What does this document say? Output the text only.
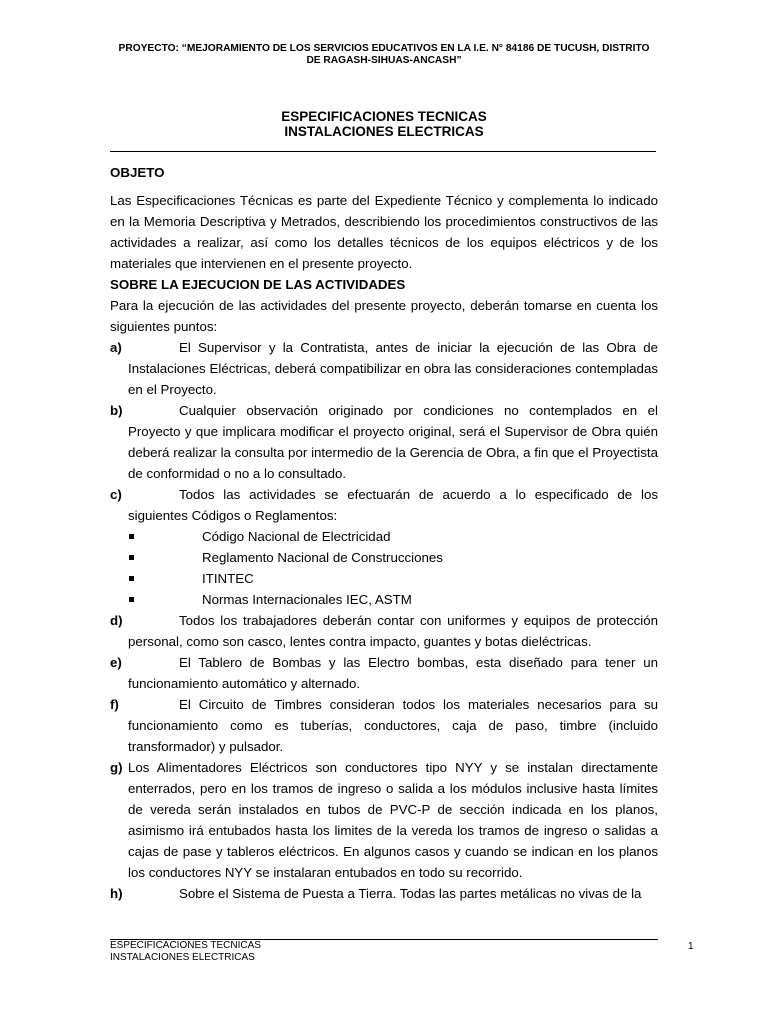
PROYECTO: “MEJORAMIENTO DE LOS SERVICIOS EDUCATIVOS EN LA I.E. N° 84186 DE TUCUSH, DISTRITO
DE RAGASH-SIHUAS-ANCASH”
ESPECIFICACIONES TECNICAS
INSTALACIONES ELECTRICAS

OBJETO

Las Especificaciones Técnicas es parte del Expediente Técnico y complementa lo indicado en la Memoria Descriptiva y Metrados, describiendo los procedimientos constructivos de las actividades a realizar, así como los detalles técnicos de los equipos eléctricos y de los materiales que intervienen en el presente proyecto.

SOBRE LA EJECUCION DE LAS ACTIVIDADES

Para la ejecución de las actividades del presente proyecto, deberán tomarse en cuenta los siguientes puntos:

a)	El Supervisor y la Contratista, antes de iniciar la ejecución de las Obra de Instalaciones Eléctricas, deberá compatibilizar en obra las consideraciones contempladas en el Proyecto.
b)	Cualquier observación originado por condiciones no contemplados en el Proyecto y que implicara modificar el proyecto original, será el Supervisor de Obra quién deberá realizar la consulta por intermedio de la Gerencia de Obra, a fin que el Proyectista de conformidad o no a lo consultado.
c)	Todos las actividades se efectuarán de acuerdo a lo especificado de los siguientes Códigos o Reglamentos:
Código Nacional de Electricidad
Reglamento Nacional de Construcciones
ITINTEC
Normas Internacionales IEC, ASTM
d)	Todos los trabajadores deberán contar con uniformes y equipos de protección personal, como son casco, lentes contra impacto, guantes y botas dieléctricas.
e)	El Tablero de Bombas y las Electro bombas, esta diseñado para tener un funcionamiento automático y alternado.
f)	El Circuito de Timbres consideran todos los materiales necesarios para su funcionamiento como es tuberías, conductores, caja de paso, timbre (incluido transformador) y pulsador.
g) Los Alimentadores Eléctricos son conductores tipo NYY y se instalan directamente enterrados, pero en los tramos de ingreso o salida a los módulos inclusive hasta límites de vereda serán instalados en tubos de PVC-P de sección indicada en los planos, asimismo irá entubados hasta los limites de la vereda los tramos de ingreso o salidas a cajas de pase y tableros eléctricos. En algunos casos y cuando se indican en los planos los conductores NYY se instalaran entubados en todo su recorrido.
h)	Sobre el Sistema de Puesta a Tierra. Todas las partes metálicas no vivas de la
ESPECIFICACIONES TECNICAS
INSTALACIONES ELECTRICAS
1
